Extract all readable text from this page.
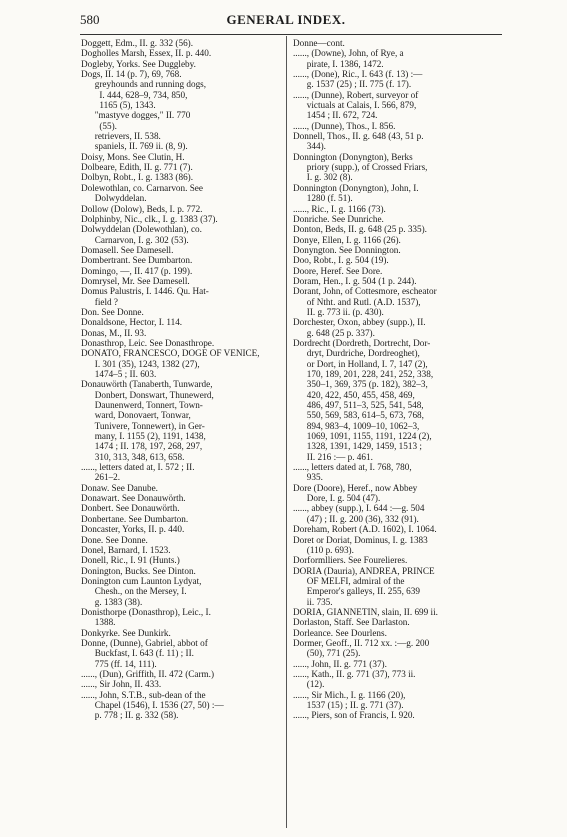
580	GENERAL INDEX.
Doggett, Edm., II. g. 332 (56).
Dogholles Marsh, Essex, II. p. 440.
Dogleby, Yorks. See Duggleby.
Dogs, II. 14 (p. 7), 69, 768.
greyhounds and running dogs,
I. 444, 628–9, 734, 850,
1165 (5), 1343.
"mastyve dogges," II. 770
(55).
retrievers, II. 538.
spaniels, II. 769 ii. (8, 9).
Doisy, Mons. See Clutin, H.
Dolbeare, Edith, II. g. 771 (7).
Dolbyn, Robt., I. g. 1383 (86).
Dolewothlan, co. Carnarvon. See
Dolwyddelan.
Dollow (Dolow), Beds, I. p. 772.
Dolphinby, Nic., clk., I. g. 1383 (37).
Dolwyddelan (Dolewothlan), co.
Carnarvon, I. g. 302 (53).
Domasell. See Damesell.
Dombertrant. See Dumbarton.
Domingo, —, II. 417 (p. 199).
Domrysel, Mr. See Damesell.
Domus Palustris, I. 1446. Qu. Hat-
field ?
Don. See Donne.
Donaldsone, Hector, I. 114.
Donas, M., II. 93.
Donasthrop, Leic. See Donasthrope.
DONATO, FRANCESCO, DOGE OF VENICE,
I. 301 (35), 1243, 1382 (27),
1474–5 ; II. 603.
Donauwörth (Tanaberth, Tunwarde,
Donbert, Donswart, Thunewerd,
Daunenwerd, Tonnert, Town-
ward, Donovaert, Tonwar,
Tunivere, Tonnewert), in Ger-
many, I. 1155 (2), 1191, 1438,
1474 ; II. 178, 197, 268, 297,
310, 313, 348, 613, 658.
......, letters dated at, I. 572 ; II.
261–2.
Donaw. See Danube.
Donawart. See Donauwörth.
Donbert. See Donauwörth.
Donbertane. See Dumbarton.
Doncaster, Yorks, II. p. 440.
Done. See Donne.
Donel, Barnard, I. 1523.
Donell, Ric., I. 91 (Hunts.)
Donington, Bucks. See Dinton.
Donington cum Launton Lydyat,
Chesh., on the Mersey, I.
g. 1383 (38).
Donisthorpe (Donasthrop), Leic., I.
1388.
Donkyrke. See Dunkirk.
Donne, (Dunne), Gabriel, abbot of
Buckfast, I. 643 (f. 11) ; II.
775 (ff. 14, 111).
......, (Dun), Griffith, II. 472 (Carm.)
......, Sir John, II. 433.
......, John, S.T.B., sub-dean of the
Chapel (1546), I. 1536 (27, 50) :—
p. 778 ; II. g. 332 (58).
Donne—cont.
......, (Downe), John, of Rye, a
pirate, I. 1386, 1472.
......, (Done), Ric., I. 643 (f. 13) :—
g. 1537 (25) ; II. 775 (f. 17).
......, (Dunne), Robert, surveyor of
victuals at Calais, I. 566, 879,
1454 ; II. 672, 724.
......, (Dunne), Thos., I. 856.
Donnell, Thos., II. g. 648 (43, 51 p.
344).
Donnington (Donyngton), Berks
priory (supp.), of Crossed Friars,
I. g. 302 (8).
Donnington (Donyngton), John, I.
1280 (f. 51).
......, Ric., I. g. 1166 (73).
Donriche. See Dunriche.
Donton, Beds, II. g. 648 (25 p. 335).
Donye, Ellen, I. g. 1166 (26).
Donyngton. See Donnington.
Doo, Robt., I. g. 504 (19).
Doore, Heref. See Dore.
Doram, Hen., I. g. 504 (1 p. 244).
Dorant, John, of Cottesmore, escheator
of Ntht. and Rutl. (A.D. 1537),
II. g. 773 ii. (p. 430).
Dorchester, Oxon, abbey (supp.), II.
g. 648 (25 p. 337).
Dordrecht (Dordreth, Dortrecht, Dor-
dryt, Durdriche, Dordreoghet),
or Dort, in Holland, I. 7, 147 (2),
170, 189, 201, 228, 241, 252, 338,
350–1, 369, 375 (p. 182), 382–3,
420, 422, 450, 455, 458, 469,
486, 497, 511–3, 525, 541, 548,
550, 569, 583, 614–5, 673, 768,
894, 983–4, 1009–10, 1062–3,
1069, 1091, 1155, 1191, 1224 (2),
1328, 1391, 1429, 1459, 1513 ;
II. 216 :— p. 461.
......, letters dated at, I. 768, 780,
935.
Dore (Doore), Heref., now Abbey
Dore, I. g. 504 (47).
......, abbey (supp.), I. 644 :—g. 504
(47) ; II. g. 200 (36), 332 (91).
Doreham, Robert (A.D. 1602), I. 1064.
Doret or Doriat, Dominus, I. g. 1383
(110 p. 693).
Dorformlliers. See Fourelieres.
DORIA (Dauria), ANDREA, PRINCE
OF MELFI, admiral of the
Emperor's galleys, II. 255, 639
ii. 735.
DORIA, GIANNETIN, slain, II. 699 ii.
Dorlaston, Staff. See Darlaston.
Dorleance. See Dourlens.
Dormer, Geoff., II. 712 xx. :—g. 200
(50), 771 (25).
......, John, II. g. 771 (37).
......, Kath., II. g. 771 (37), 773 ii.
(12).
......, Sir Mich., I. g. 1166 (20),
1537 (15) ; II. g. 771 (37).
......, Piers, son of Francis, I. 920.
